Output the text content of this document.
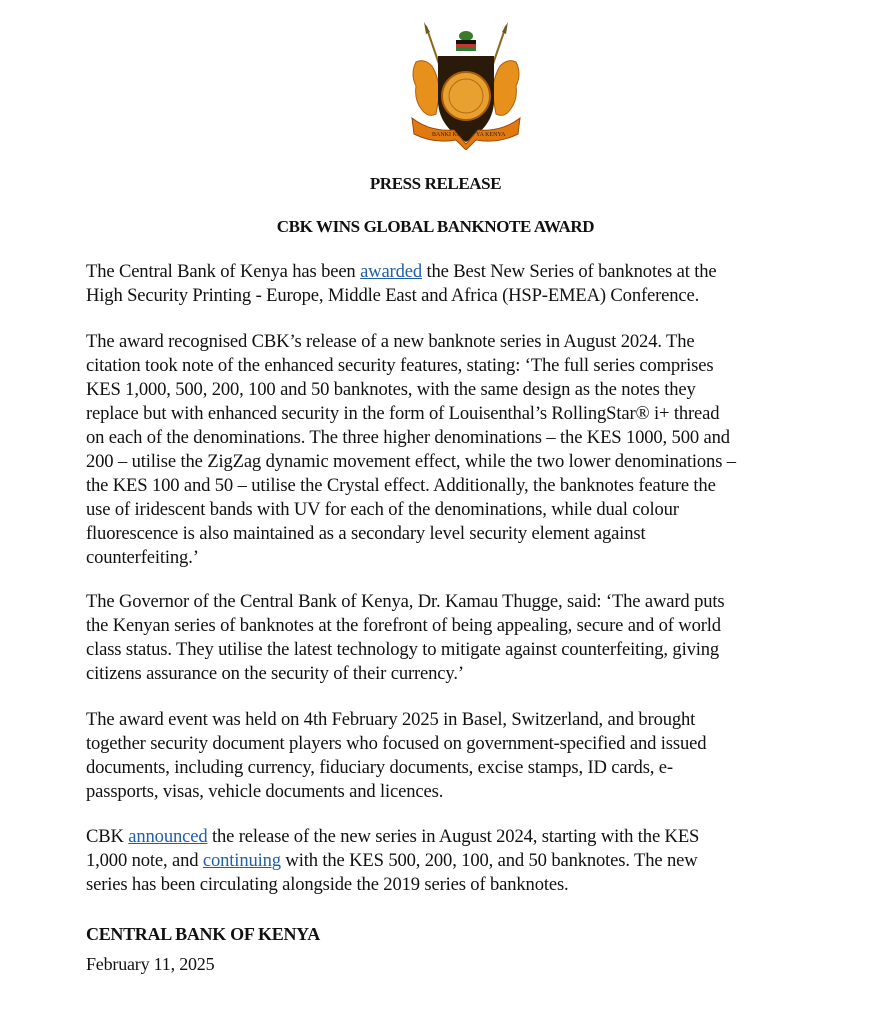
BANKI KUU YA KENYA
PRESS RELEASE
CBK WINS GLOBAL BANKNOTE AWARD

The Central Bank of Kenya has been awarded the Best New Series of banknotes at the
High Security Printing - Europe, Middle East and Africa (HSP-EMEA) Conference.

The award recognised CBK’s release of a new banknote series in August 2024. The
citation took note of the enhanced security features, stating: ‘The full series comprises
KES 1,000, 500, 200, 100 and 50 banknotes, with the same design as the notes they
replace but with enhanced security in the form of Louisenthal’s RollingStar® i+ thread
on each of the denominations. The three higher denominations – the KES 1000, 500 and
200 – utilise the ZigZag dynamic movement effect, while the two lower denominations –
the KES 100 and 50 – utilise the Crystal effect. Additionally, the banknotes feature the
use of iridescent bands with UV for each of the denominations, while dual colour
fluorescence is also maintained as a secondary level security element against
counterfeiting.’

The Governor of the Central Bank of Kenya, Dr. Kamau Thugge, said: ‘The award puts
the Kenyan series of banknotes at the forefront of being appealing, secure and of world
class status. They utilise the latest technology to mitigate against counterfeiting, giving
citizens assurance on the security of their currency.’

The award event was held on 4th February 2025 in Basel, Switzerland, and brought
together security document players who focused on government-specified and issued
documents, including currency, fiduciary documents, excise stamps, ID cards, e-
passports, visas, vehicle documents and licences.

CBK announced the release of the new series in August 2024, starting with the KES
1,000 note, and continuing with the KES 500, 200, 100, and 50 banknotes. The new
series has been circulating alongside the 2019 series of banknotes.

CENTRAL BANK OF KENYA
February 11, 2025
